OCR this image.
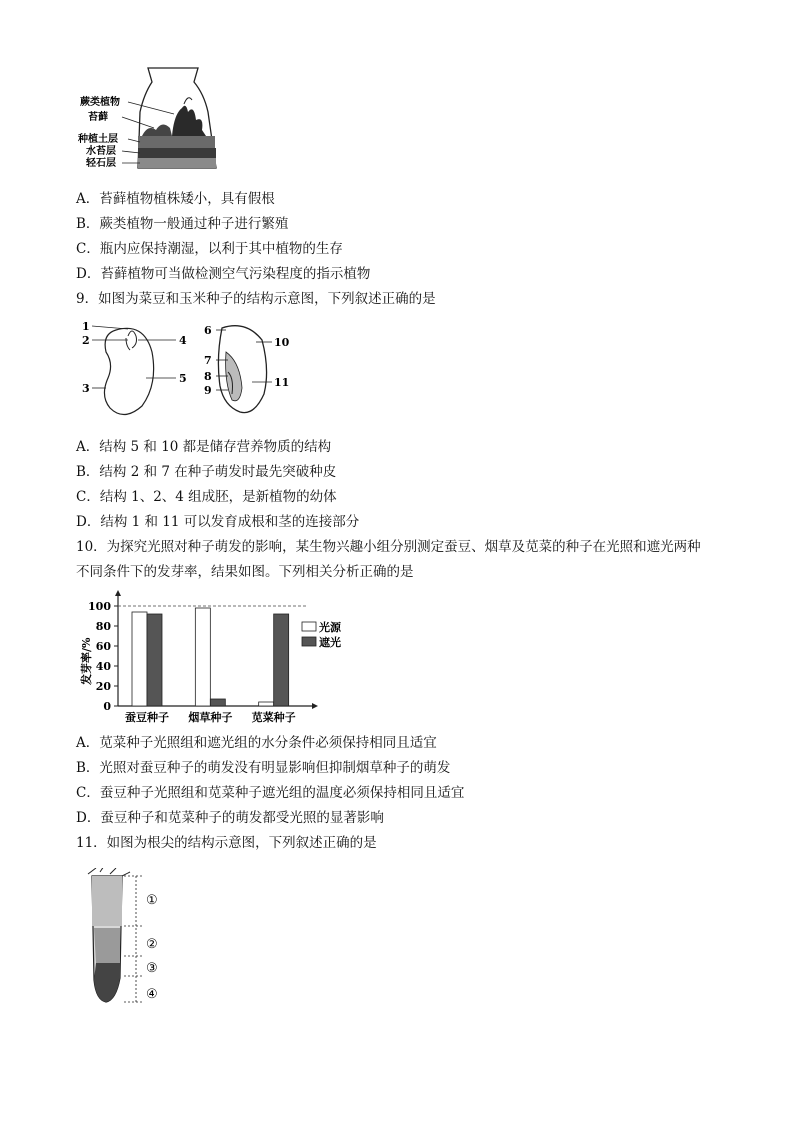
蕨类植物
苔藓
种植土层
水苔层
轻石层
A．苔藓植物植株矮小，具有假根
B．蕨类植物一般通过种子进行繁殖
C．瓶内应保持潮湿，以利于其中植物的生存
D．苔藓植物可当做检测空气污染程度的指示植物
9．如图为菜豆和玉米种子的结构示意图，下列叙述正确的是
1
2
3
4
5
6
7
8
9
10
11
A．结构 5 和 10 都是储存营养物质的结构
B．结构 2 和 7 在种子萌发时最先突破种皮
C．结构 1、2、4 组成胚，是新植物的幼体
D．结构 1 和 11 可以发育成根和茎的连接部分
10．为探究光照对种子萌发的影响，某生物兴趣小组分别测定蚕豆、烟草及苋菜的种子在光照和遮光两种
不同条件下的发芽率，结果如图。下列相关分析正确的是
发芽率/%
0
20
40
60
80
100
蚕豆种子 烟草种子 苋菜种子
光源
遮光
A．苋菜种子光照组和遮光组的水分条件必须保持相同且适宜
B．光照对蚕豆种子的萌发没有明显影响但抑制烟草种子的萌发
C．蚕豆种子光照组和苋菜种子遮光组的温度必须保持相同且适宜
D．蚕豆种子和苋菜种子的萌发都受光照的显著影响
11．如图为根尖的结构示意图，下列叙述正确的是
①
②
③
④
